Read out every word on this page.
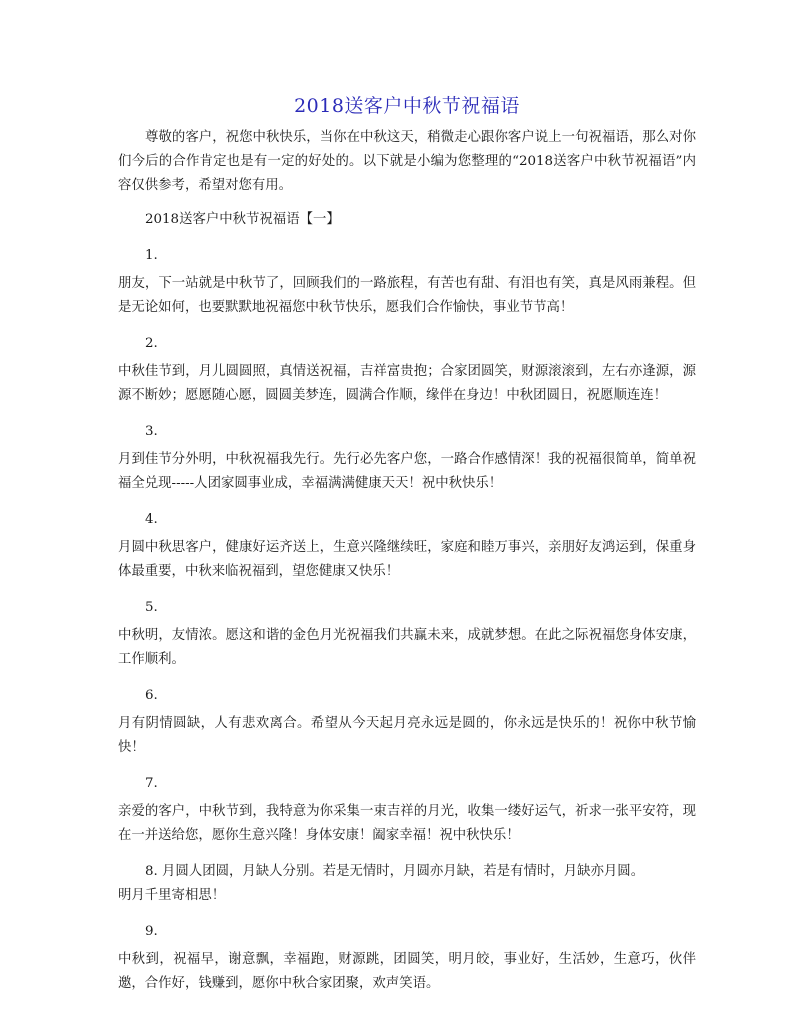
2018送客户中秋节祝福语

尊敬的客户，祝您中秋快乐，当你在中秋这天，稍微走心跟你客户说上一句祝福语，那么对你们今后的合作肯定也是有一定的好处的。以下就是小编为您整理的“2018送客户中秋节祝福语”内容仅供参考，希望对您有用。

2018送客户中秋节祝福语【一】
1.

朋友，下一站就是中秋节了，回顾我们的一路旅程，有苦也有甜、有泪也有笑，真是风雨兼程。但是无论如何，也要默默地祝福您中秋节快乐，愿我们合作愉快，事业节节高！

2.

中秋佳节到，月儿圆圆照，真情送祝福，吉祥富贵抱；合家团圆笑，财源滚滚到，左右亦逢源，源源不断妙；愿愿随心愿，圆圆美梦连，圆满合作顺，缘伴在身边！中秋团圆日，祝愿顺连连！

3.

月到佳节分外明，中秋祝福我先行。先行必先客户您，一路合作感情深！我的祝福很简单，简单祝福全兑现-----人团家圆事业成，幸福满满健康天天！祝中秋快乐！

4.

月圆中秋思客户，健康好运齐送上，生意兴隆继续旺，家庭和睦万事兴，亲朋好友鸿运到，保重身体最重要，中秋来临祝福到，望您健康又快乐！

5.

中秋明，友情浓。愿这和谐的金色月光祝福我们共赢未来，成就梦想。在此之际祝福您身体安康，工作顺利。

6.

月有阴情圆缺，人有悲欢离合。希望从今天起月亮永远是圆的，你永远是快乐的！祝你中秋节愉快！

7.

亲爱的客户，中秋节到，我特意为你采集一束吉祥的月光，收集一缕好运气，祈求一张平安符，现在一并送给您，愿你生意兴隆！身体安康！阖家幸福！祝中秋快乐！

8. 月圆人团圆，月缺人分别。若是无情时，月圆亦月缺，若是有情时，月缺亦月圆。

明月千里寄相思！

9.

中秋到，祝福早，谢意飘，幸福跑，财源跳，团圆笑，明月皎，事业好，生活妙，生意巧，伙伴邀，合作好，钱赚到，愿你中秋合家团聚，欢声笑语。
